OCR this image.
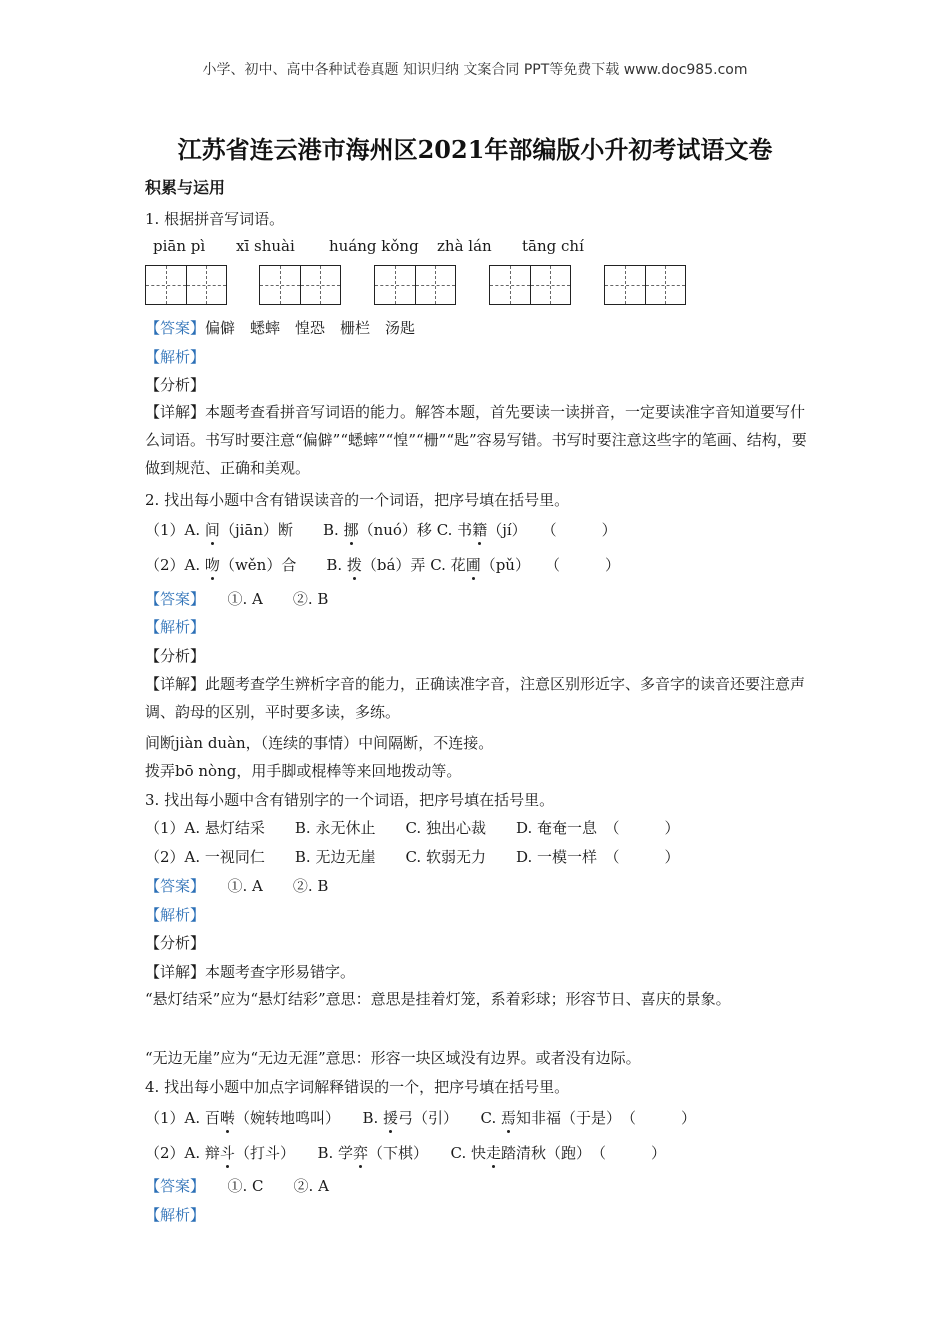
小学、初中、高中各种试卷真题 知识归纳 文案合同 PPT等免费下载 www.doc985.com
江苏省连云港市海州区2021年部编版小升初考试语文卷
积累与运用
1. 根据拼音写词语。
piān pì xī shuài huáng kǒng zhà lán tāng chí
【答案】偏僻　蟋蟀　惶恐　栅栏　汤匙
【解析】
【分析】
【详解】本题考查看拼音写词语的能力。解答本题，首先要读一读拼音，一定要读准字音知道要写什么词语。书写时要注意“偏僻”“蟋蟀”“惶”“栅”“匙”容易写错。书写时要注意这些字的笔画、结构，要做到规范、正确和美观。
2. 找出每小题中含有错误读音的一个词语，把序号填在括号里。
（1）A. 间（jiān）断　　B. 挪（nuó）移 C. 书籍（jí）　　（　　　）
（2）A. 吻（wěn）合　　B. 拨（bá）弄 C. 花圃（pǔ）　　（　　　）
【答案】　　①. A　　②. B
【解析】
【分析】
【详解】此题考查学生辨析字音的能力，正确读准字音，注意区别形近字、多音字的读音还要注意声调、韵母的区别，平时要多读，多练。
间断jiàn duàn，（连续的事情）中间隔断，不连接。
拨弄bō nòng，用手脚或棍棒等来回地拨动等。
3. 找出每小题中含有错别字的一个词语，把序号填在括号里。
（1）A. 悬灯结采　　B. 永无休止　　C. 独出心裁　　D. 奄奄一息　（　　　）
（2）A. 一视同仁　　B. 无边无崖　　C. 软弱无力　　D. 一模一样　（　　　）
【答案】　　①. A　　②. B
【解析】
【分析】
【详解】本题考查字形易错字。
“悬灯结采”应为“悬灯结彩”意思：意思是挂着灯笼，系着彩球；形容节日、喜庆的景象。
“无边无崖”应为“无边无涯”意思：形容一块区域没有边界。或者没有边际。
4. 找出每小题中加点字词解释错误的一个，把序号填在括号里。
（1）A. 百啭（婉转地鸣叫）　　B. 援弓（引）　　C. 焉知非福（于是）　（　　　）
（2）A. 辩斗（打斗）　　B. 学弈（下棋）　　C. 快走踏清秋（跑）　（　　　）
【答案】　　①. C　　②. A
【解析】
